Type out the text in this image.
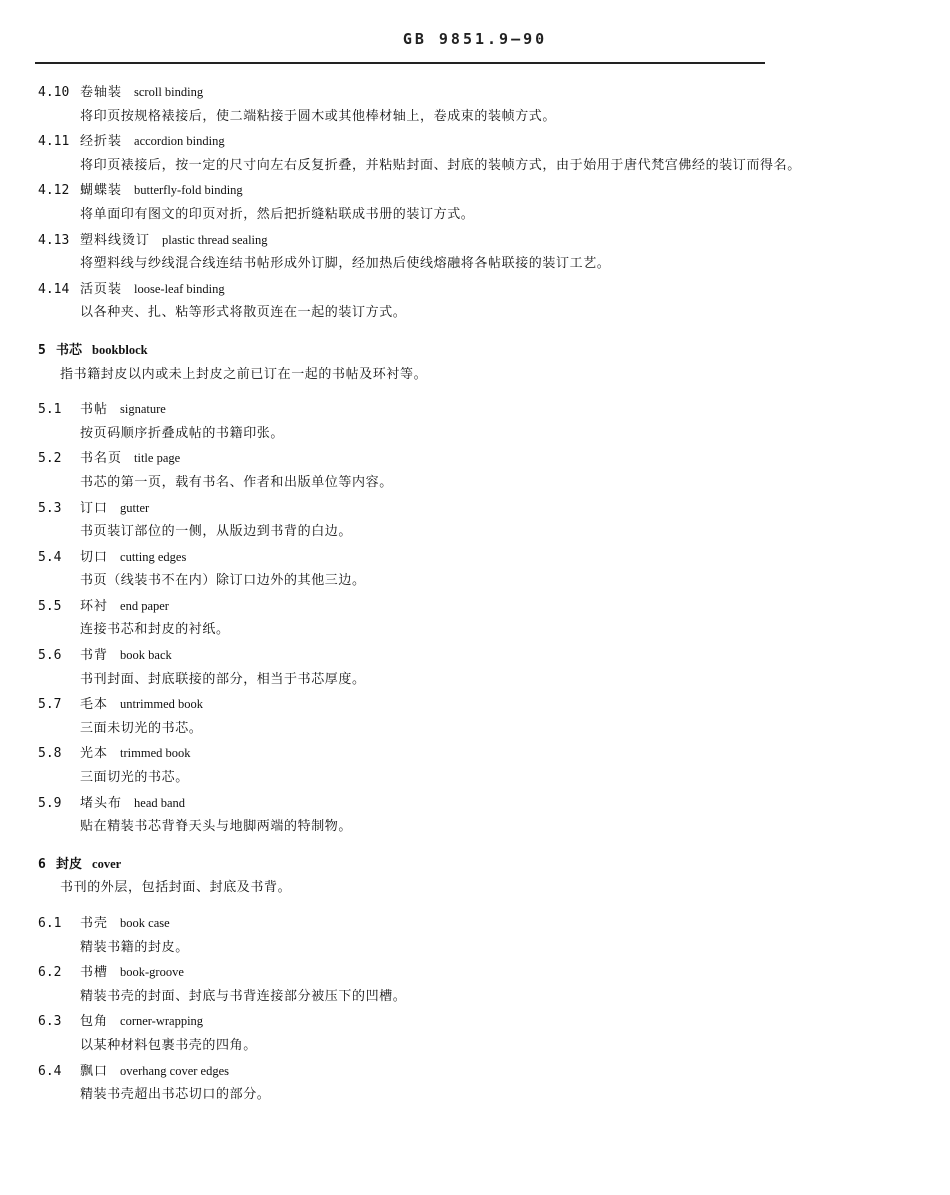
GB 9851.9—90
4.10 卷轴装 scroll binding
将印页按规格裱接后，使二端粘接于圆木或其他棒材轴上，卷成束的装帧方式。
4.11 经折装 accordion binding
将印页裱接后，按一定的尺寸向左右反复折叠，并粘贴封面、封底的装帧方式，由于始用于唐代梵宫佛经的装订而得名。
4.12 蝴蝶装 butterfly-fold binding
将单面印有图文的印页对折，然后把折缝粘联成书册的装订方式。
4.13 塑料线烫订 plastic thread sealing
将塑料线与纱线混合线连结书帖形成外订脚，经加热后使线熔融将各帖联接的装订工艺。
4.14 活页装 loose-leaf binding
以各种夹、扎、粘等形式将散页连在一起的装订方式。
5 书芯 bookblock
指书籍封皮以内或未上封皮之前已订在一起的书帖及环衬等。
5.1 书帖 signature
按页码顺序折叠成帖的书籍印张。
5.2 书名页 title page
书芯的第一页，载有书名、作者和出版单位等内容。
5.3 订口 gutter
书页装订部位的一侧，从版边到书背的白边。
5.4 切口 cutting edges
书页（线装书不在内）除订口边外的其他三边。
5.5 环衬 end paper
连接书芯和封皮的衬纸。
5.6 书背 book back
书刊封面、封底联接的部分，相当于书芯厚度。
5.7 毛本 untrimmed book
三面未切光的书芯。
5.8 光本 trimmed book
三面切光的书芯。
5.9 堵头布 head band
贴在精装书芯背脊天头与地脚两端的特制物。
6 封皮 cover
书刊的外层，包括封面、封底及书背。
6.1 书壳 book case
精装书籍的封皮。
6.2 书槽 book-groove
精装书壳的封面、封底与书背连接部分被压下的凹槽。
6.3 包角 corner-wrapping
以某种材料包裹书壳的四角。
6.4 飘口 overhang cover edges
精装书壳超出书芯切口的部分。
